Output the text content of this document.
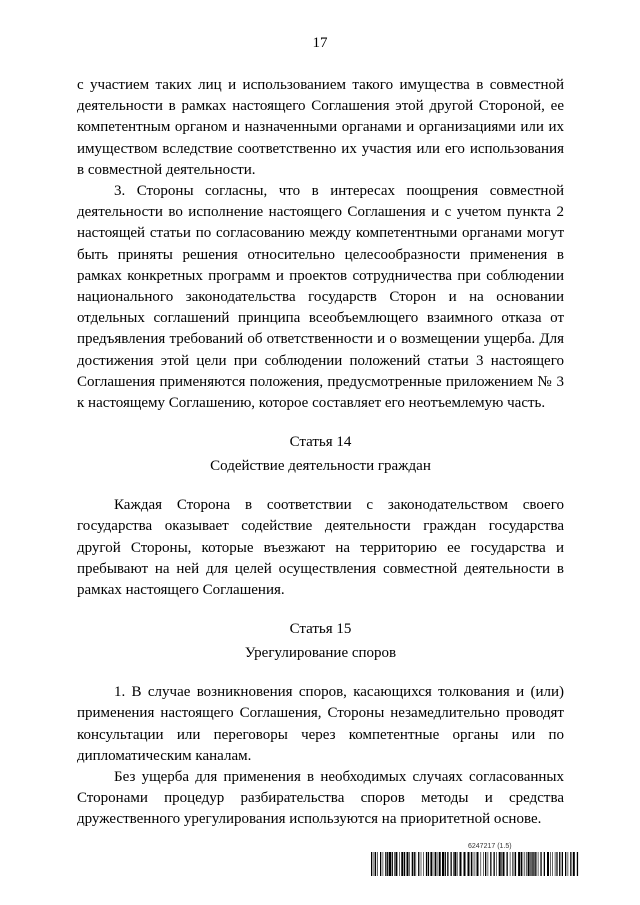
17

с участием таких лиц и использованием такого имущества в совместной деятельности в рамках настоящего Соглашения этой другой Стороной, ее компетентным органом и назначенными органами и организациями или их имуществом вследствие соответственно их участия или его использования в совместной деятельности.

3. Стороны согласны, что в интересах поощрения совместной деятельности во исполнение настоящего Соглашения и с учетом пункта 2 настоящей статьи по согласованию между компетентными органами могут быть приняты решения относительно целесообразности применения в рамках конкретных программ и проектов сотрудничества при соблюдении национального законодательства государств Сторон и на основании отдельных соглашений принципа всеобъемлющего взаимного отказа от предъявления требований об ответственности и о возмещении ущерба. Для достижения этой цели при соблюдении положений статьи 3 настоящего Соглашения применяются положения, предусмотренные приложением № 3 к настоящему Соглашению, которое составляет его неотъемлемую часть.

Статья 14

Содействие деятельности граждан

Каждая Сторона в соответствии с законодательством своего государства оказывает содействие деятельности граждан государства другой Стороны, которые въезжают на территорию ее государства и пребывают на ней для целей осуществления совместной деятельности в рамках настоящего Соглашения.

Статья 15

Урегулирование споров

1. В случае возникновения споров, касающихся толкования и (или) применения настоящего Соглашения, Стороны незамедлительно проводят консультации или переговоры через компетентные органы или по дипломатическим каналам.

Без ущерба для применения в необходимых случаях согласованных Сторонами процедур разбирательства споров методы и средства дружественного урегулирования используются на приоритетной основе.

6247217 (1.5)
